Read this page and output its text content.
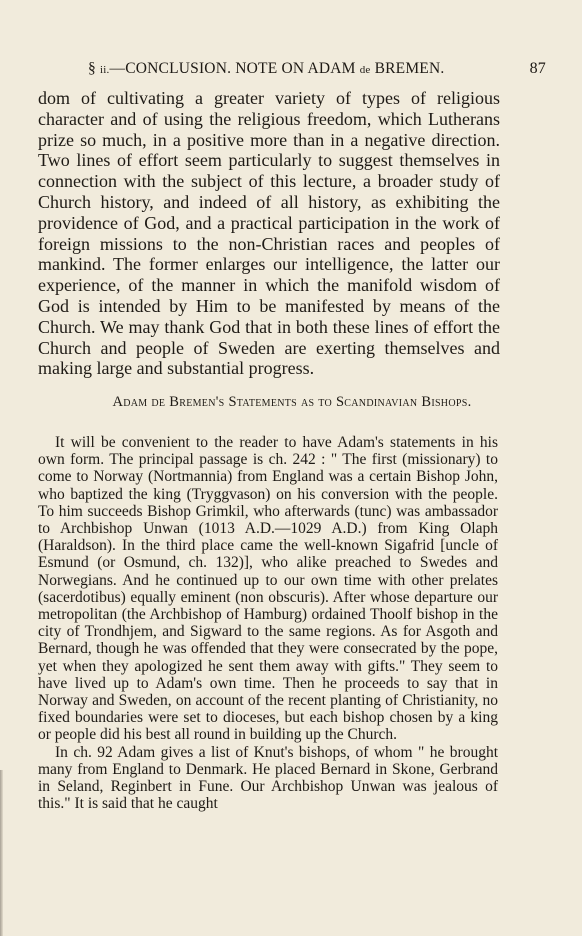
§ ii.—CONCLUSION. NOTE ON ADAM de BREMEN.	87

dom of cultivating a greater variety of types of religious character and of using the religious freedom, which Lutherans prize so much, in a positive more than in a negative direction. Two lines of effort seem particularly to suggest themselves in connection with the subject of this lecture, a broader study of Church history, and indeed of all history, as exhibiting the providence of God, and a practical participation in the work of foreign missions to the non-Christian races and peoples of mankind. The former enlarges our intelligence, the latter our experience, of the manner in which the manifold wisdom of God is intended by Him to be manifested by means of the Church. We may thank God that in both these lines of effort the Church and people of Sweden are exerting themselves and making large and substantial progress.

Adam de Bremen's Statements as to Scandinavian Bishops.

It will be convenient to the reader to have Adam's statements in his own form. The principal passage is ch. 242 : " The first (missionary) to come to Norway (Nortmannia) from England was a certain Bishop John, who baptized the king (Tryggvason) on his conversion with the people. To him succeeds Bishop Grimkil, who afterwards (tunc) was ambassador to Archbishop Unwan (1013 A.D.—1029 A.D.) from King Olaph (Haraldson). In the third place came the well-known Sigafrid [uncle of Esmund (or Osmund, ch. 132)], who alike preached to Swedes and Norwegians. And he continued up to our own time with other prelates (sacerdotibus) equally eminent (non obscuris). After whose departure our metropolitan (the Archbishop of Hamburg) ordained Thoolf bishop in the city of Trondhjem, and Sigward to the same regions. As for Asgoth and Bernard, though he was offended that they were consecrated by the pope, yet when they apologized he sent them away with gifts." They seem to have lived up to Adam's own time. Then he proceeds to say that in Norway and Sweden, on account of the recent planting of Christianity, no fixed boundaries were set to dioceses, but each bishop chosen by a king or people did his best all round in building up the Church.

In ch. 92 Adam gives a list of Knut's bishops, of whom " he brought many from England to Denmark. He placed Bernard in Skone, Gerbrand in Seland, Reginbert in Fune. Our Archbishop Unwan was jealous of this." It is said that he caught
